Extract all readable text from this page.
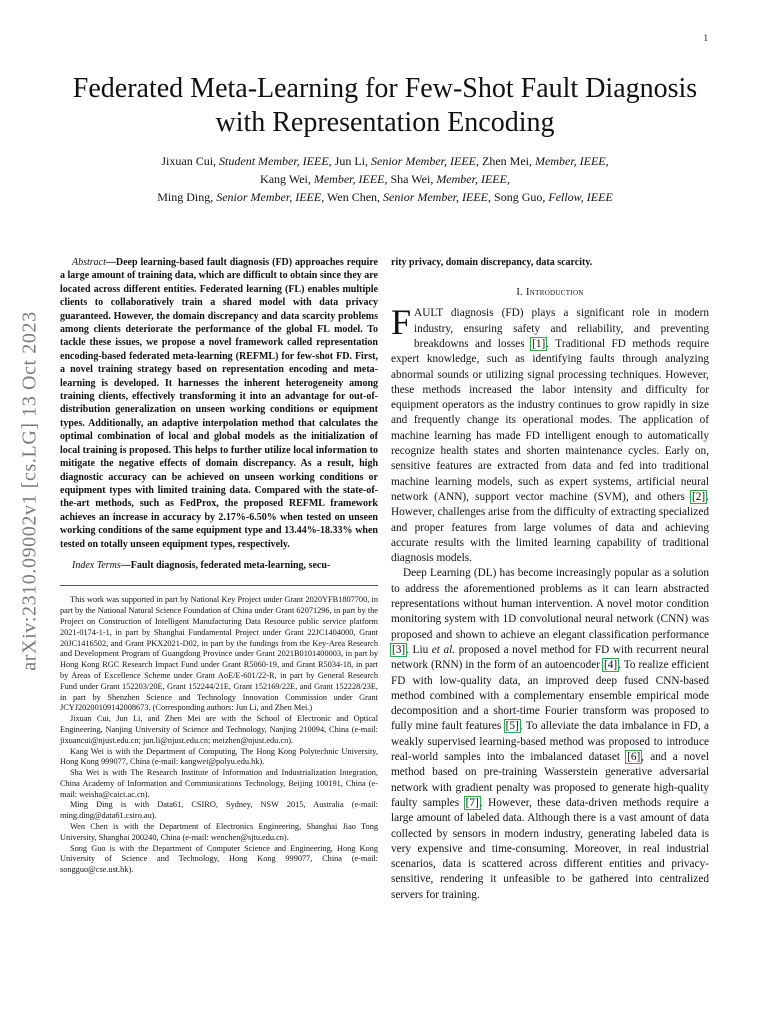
1
arXiv:2310.09002v1 [cs.LG] 13 Oct 2023
Federated Meta-Learning for Few-Shot Fault Diagnosis with Representation Encoding
Jixuan Cui, Student Member, IEEE, Jun Li, Senior Member, IEEE, Zhen Mei, Member, IEEE,
Kang Wei, Member, IEEE, Sha Wei, Member, IEEE,
Ming Ding, Senior Member, IEEE, Wen Chen, Senior Member, IEEE, Song Guo, Fellow, IEEE

Abstract—Deep learning-based fault diagnosis (FD) approaches require a large amount of training data, which are difficult to obtain since they are located across different entities. Federated learning (FL) enables multiple clients to collaboratively train a shared model with data privacy guaranteed. However, the domain discrepancy and data scarcity problems among clients deteriorate the performance of the global FL model. To tackle these issues, we propose a novel framework called representation encoding-based federated meta-learning (REFML) for few-shot FD. First, a novel training strategy based on representation encoding and meta-learning is developed. It harnesses the inherent heterogeneity among training clients, effectively transforming it into an advantage for out-of-distribution generalization on unseen working conditions or equipment types. Additionally, an adaptive interpolation method that calculates the optimal combination of local and global models as the initialization of local training is proposed. This helps to further utilize local information to mitigate the negative effects of domain discrepancy. As a result, high diagnostic accuracy can be achieved on unseen working conditions or equipment types with limited training data. Compared with the state-of-the-art methods, such as FedProx, the proposed REFML framework achieves an increase in accuracy by 2.17%-6.50% when tested on unseen working conditions of the same equipment type and 13.44%-18.33% when tested on totally unseen equipment types, respectively.

Index Terms—Fault diagnosis, federated meta-learning, secu-

This work was supported in part by National Key Project under Grant 2020YFB1807700, in part by the National Natural Science Foundation of China under Grant 62071296, in part by the Project on Construction of Intelligent Manufacturing Data Resource public service platform 2021-0174-1-1, in part by Shanghai Fundamental Project under Grant 22JC1404000, Grant 20JC1416502, and Grant PKX2021-D02, in part by the fundings from the Key-Area Research and Development Program of Guangdong Province under Grant 2021B0101400003, in part by Hong Kong RGC Research Impact Fund under Grant R5060-19, and Grant R5034-18, in part by Areas of Excellence Scheme under Grant AoE/E-601/22-R, in part by General Research Fund under Grant 152203/20E, Grant 152244/21E, Grant 152169/22E, and Grant 152228/23E, in part by Shenzhen Science and Technology Innovation Commission under Grant JCYJ20200109142008673. (Corresponding authors: Jun Li, and Zhen Mei.)

Jixuan Cui, Jun Li, and Zhen Mei are with the School of Electronic and Optical Engineering, Nanjing University of Science and Technology, Nanjing 210094, China (e-mail: jixuancui@njust.edu.cn; jun.li@njust.edu.cn; meizhen@njust.edu.cn).

Kang Wei is with the Department of Computing, The Hong Kong Polytechnic University, Hong Kong 999077, China (e-mail: kangwei@polyu.edu.hk).

Sha Wei is with The Research Institute of Information and Industrialization Integration, China Academy of Information and Communications Technology, Beijing 100191, China (e-mail: weisha@caict.ac.cn).

Ming Ding is with Data61, CSIRO, Sydney, NSW 2015, Australia (e-mail: ming.ding@data61.csiro.au).

Wen Chen is with the Department of Electronics Engineering, Shanghai Jiao Tong University, Shanghai 200240, China (e-mail: wenchen@sjtu.edu.cn).

Song Guo is with the Department of Computer Science and Engineering, Hong Kong University of Science and Technology, Hong Kong 999077, China (e-mail: songguo@cse.ust.hk).

rity privacy, domain discrepancy, data scarcity.

I. Introduction

FAULT diagnosis (FD) plays a significant role in modern industry, ensuring safety and reliability, and preventing breakdowns and losses [1]. Traditional FD methods require expert knowledge, such as identifying faults through analyzing abnormal sounds or utilizing signal processing techniques. However, these methods increased the labor intensity and difficulty for equipment operators as the industry continues to grow rapidly in size and frequently change its operational modes. The application of machine learning has made FD intelligent enough to automatically recognize health states and shorten maintenance cycles. Early on, sensitive features are extracted from data and fed into traditional machine learning models, such as expert systems, artificial neural network (ANN), support vector machine (SVM), and others [2]. However, challenges arise from the difficulty of extracting specialized and proper features from large volumes of data and achieving accurate results with the limited learning capability of traditional diagnosis models.

Deep Learning (DL) has become increasingly popular as a solution to address the aforementioned problems as it can learn abstracted representations without human intervention. A novel motor condition monitoring system with 1D convolutional neural network (CNN) was proposed and shown to achieve an elegant classification performance [3]. Liu et al. proposed a novel method for FD with recurrent neural network (RNN) in the form of an autoencoder [4]. To realize efficient FD with low-quality data, an improved deep fused CNN-based method combined with a complementary ensemble empirical mode decomposition and a short-time Fourier transform was proposed to fully mine fault features [5]. To alleviate the data imbalance in FD, a weakly supervised learning-based method was proposed to introduce real-world samples into the imbalanced dataset [6], and a novel method based on pre-training Wasserstein generative adversarial network with gradient penalty was proposed to generate high-quality faulty samples [7]. However, these data-driven methods require a large amount of labeled data. Although there is a vast amount of data collected by sensors in modern industry, generating labeled data is very expensive and time-consuming. Moreover, in real industrial scenarios, data is scattered across different entities and privacy-sensitive, rendering it unfeasible to be gathered into centralized servers for training.
